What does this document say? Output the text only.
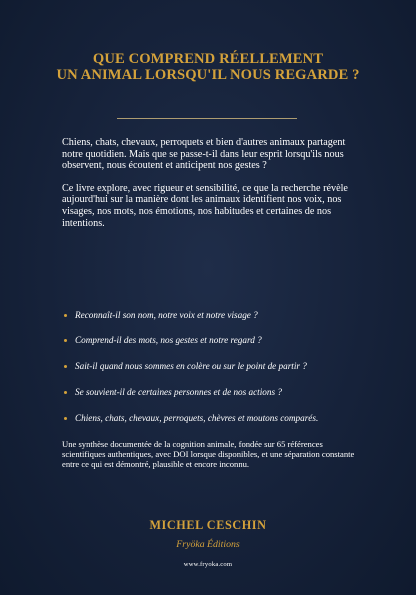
QUE COMPREND RÉELLEMENT
UN ANIMAL LORSQU'IL NOUS REGARDE ?

Chiens, chats, chevaux, perroquets et bien d'autres animaux partagent notre quotidien. Mais que se passe-t-il dans leur esprit lorsqu'ils nous observent, nous écoutent et anticipent nos gestes ?

Ce livre explore, avec rigueur et sensibilité, ce que la recherche révèle aujourd'hui sur la manière dont les animaux identifient nos voix, nos visages, nos mots, nos émotions, nos habitudes et certaines de nos intentions.

Reconnaît-il son nom, notre voix et notre visage ?
Comprend-il des mots, nos gestes et notre regard ?
Sait-il quand nous sommes en colère ou sur le point de partir ?
Se souvient-il de certaines personnes et de nos actions ?
Chiens, chats, chevaux, perroquets, chèvres et moutons comparés.

Une synthèse documentée de la cognition animale, fondée sur 65 références scientifiques authentiques, avec DOI lorsque disponibles, et une séparation constante entre ce qui est démontré, plausible et encore inconnu.

MICHEL CESCHIN
Fryöka Éditions
www.fryoka.com
